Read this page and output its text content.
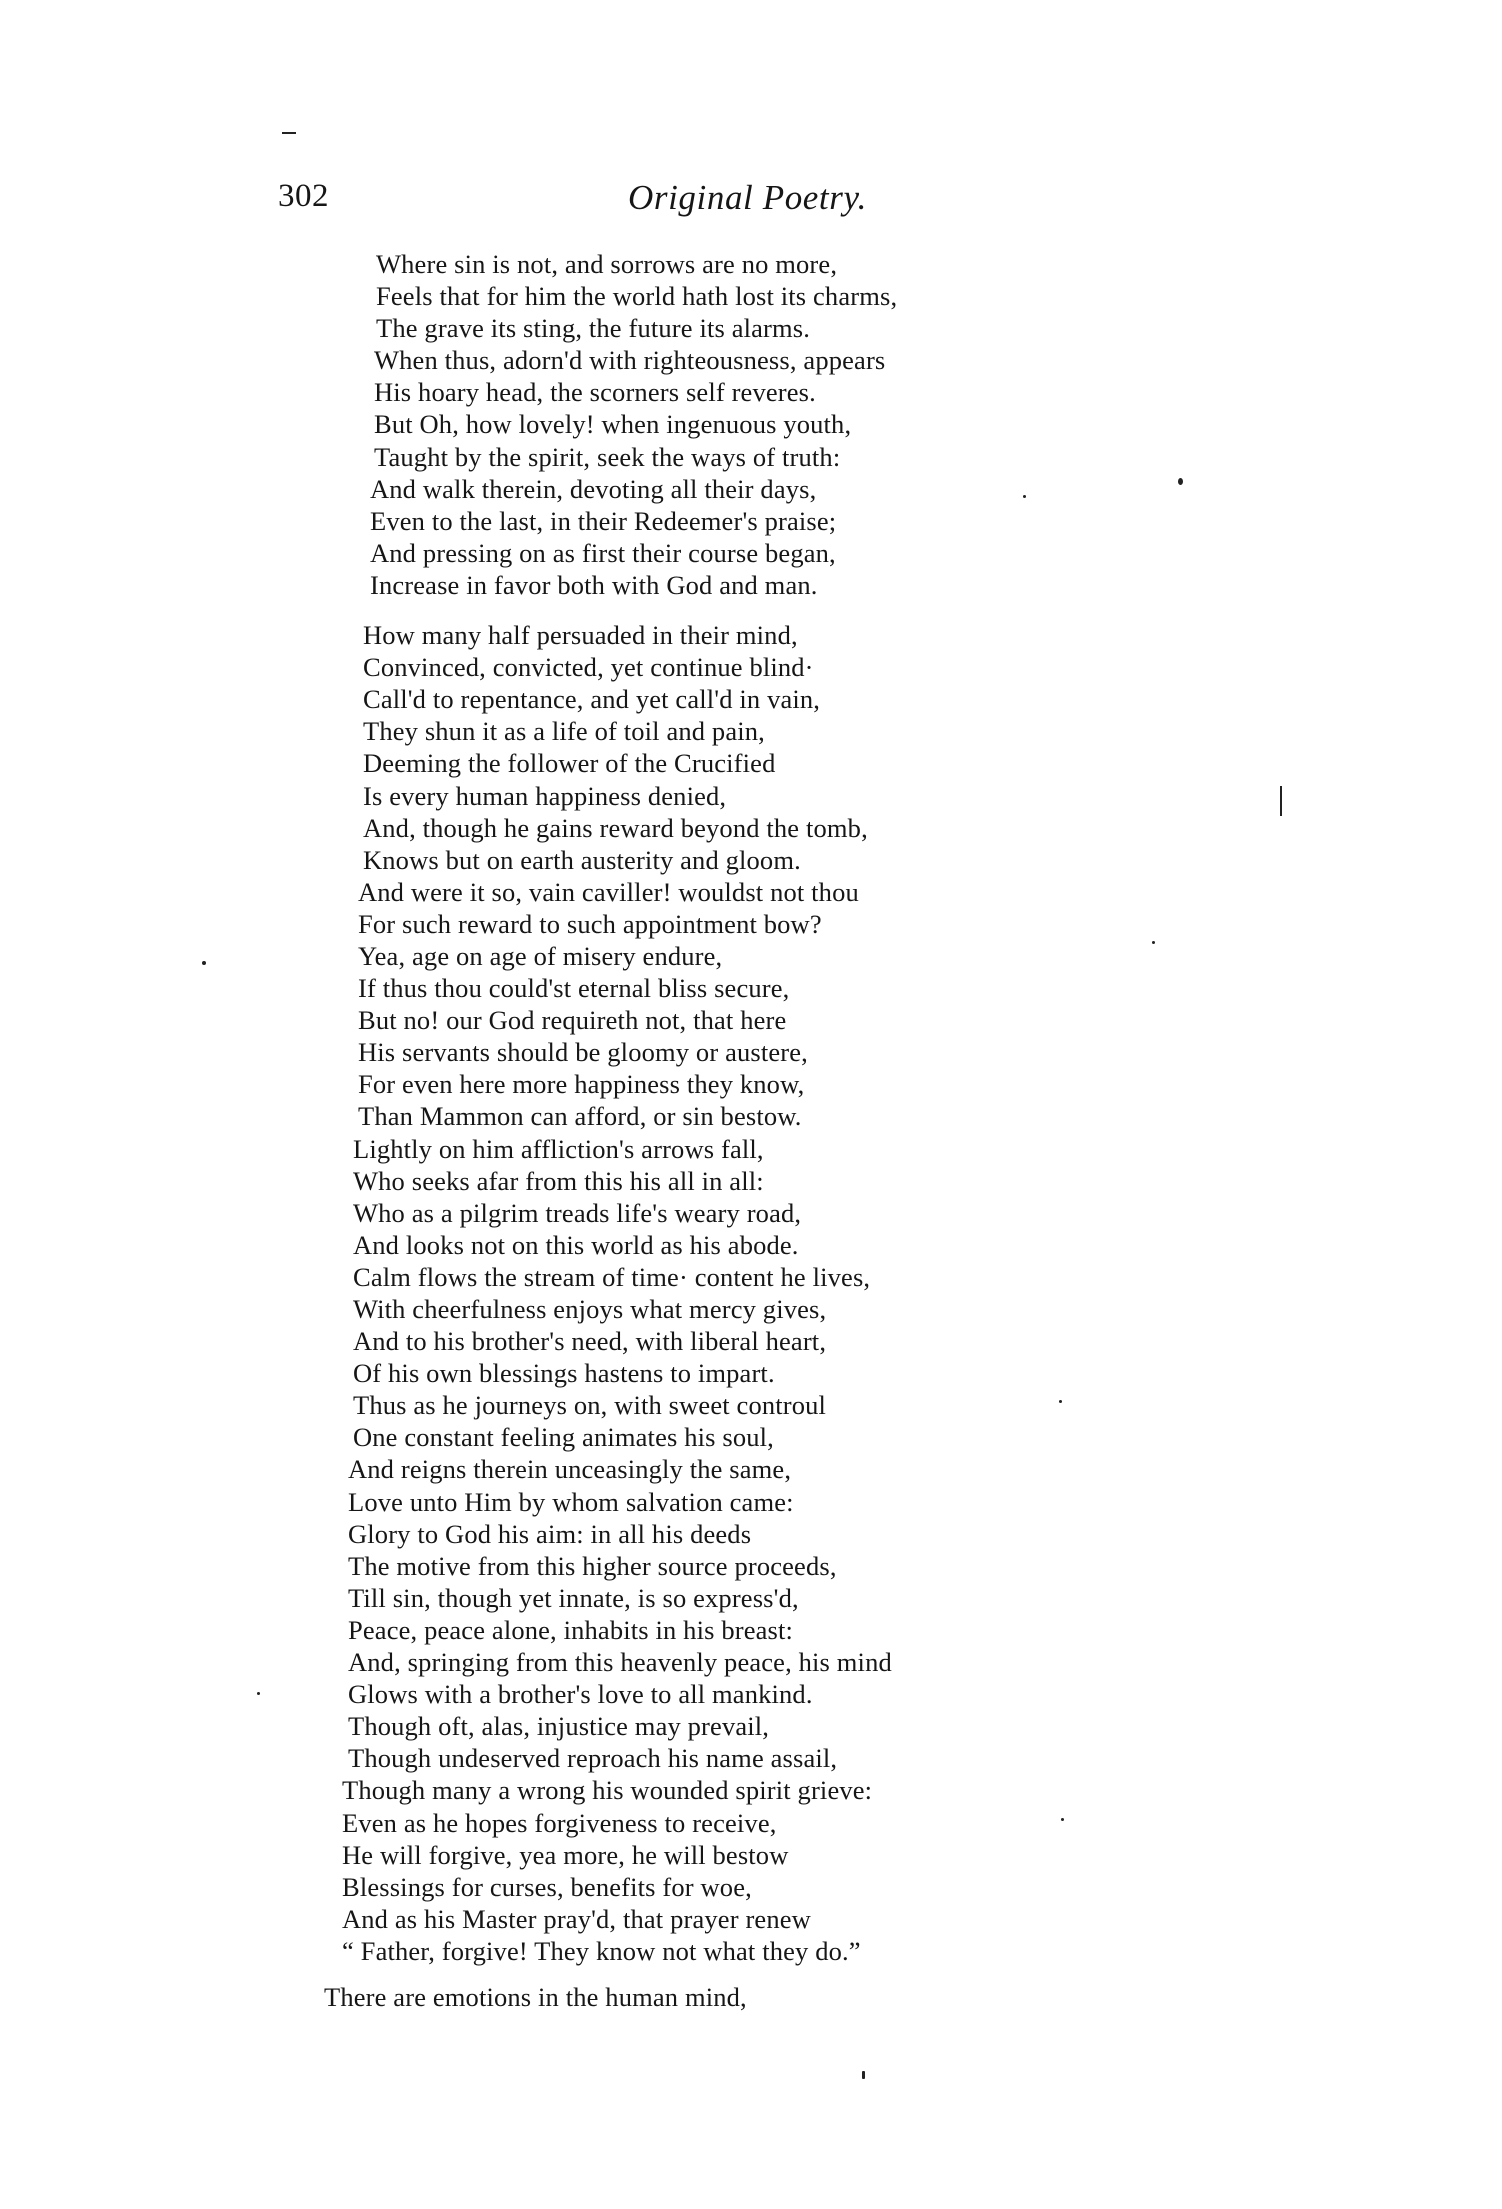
302	Original Poetry.
Where sin is not, and sorrows are no more,
Feels that for him the world hath lost its charms,
The grave its sting, the future its alarms.
When thus, adorn'd with righteousness, appears
His hoary head, the scorners self reveres.
But Oh, how lovely! when ingenuous youth,
Taught by the spirit, seek the ways of truth:
And walk therein, devoting all their days,
Even to the last, in their Redeemer's praise;
And pressing on as first their course began,
Increase in favor both with God and man.
How many half persuaded in their mind,
Convinced, convicted, yet continue blind·
Call'd to repentance, and yet call'd in vain,
They shun it as a life of toil and pain,
Deeming the follower of the Crucified
Is every human happiness denied,
And, though he gains reward beyond the tomb,
Knows but on earth austerity and gloom.
And were it so, vain caviller! wouldst not thou
For such reward to such appointment bow?
Yea, age on age of misery endure,
If thus thou could'st eternal bliss secure,
But no! our God requireth not, that here
His servants should be gloomy or austere,
For even here more happiness they know,
Than Mammon can afford, or sin bestow.
Lightly on him affliction's arrows fall,
Who seeks afar from this his all in all:
Who as a pilgrim treads life's weary road,
And looks not on this world as his abode.
Calm flows the stream of time· content he lives,
With cheerfulness enjoys what mercy gives,
And to his brother's need, with liberal heart,
Of his own blessings hastens to impart.
Thus as he journeys on, with sweet controul
One constant feeling animates his soul,
And reigns therein unceasingly the same,
Love unto Him by whom salvation came:
Glory to God his aim: in all his deeds
The motive from this higher source proceeds,
Till sin, though yet innate, is so express'd,
Peace, peace alone, inhabits in his breast:
And, springing from this heavenly peace, his mind
Glows with a brother's love to all mankind.
Though oft, alas, injustice may prevail,
Though undeserved reproach his name assail,
Though many a wrong his wounded spirit grieve:
Even as he hopes forgiveness to receive,
He will forgive, yea more, he will bestow
Blessings for curses, benefits for woe,
And as his Master pray'd, that prayer renew
“ Father, forgive! They know not what they do.”
There are emotions in the human mind,
